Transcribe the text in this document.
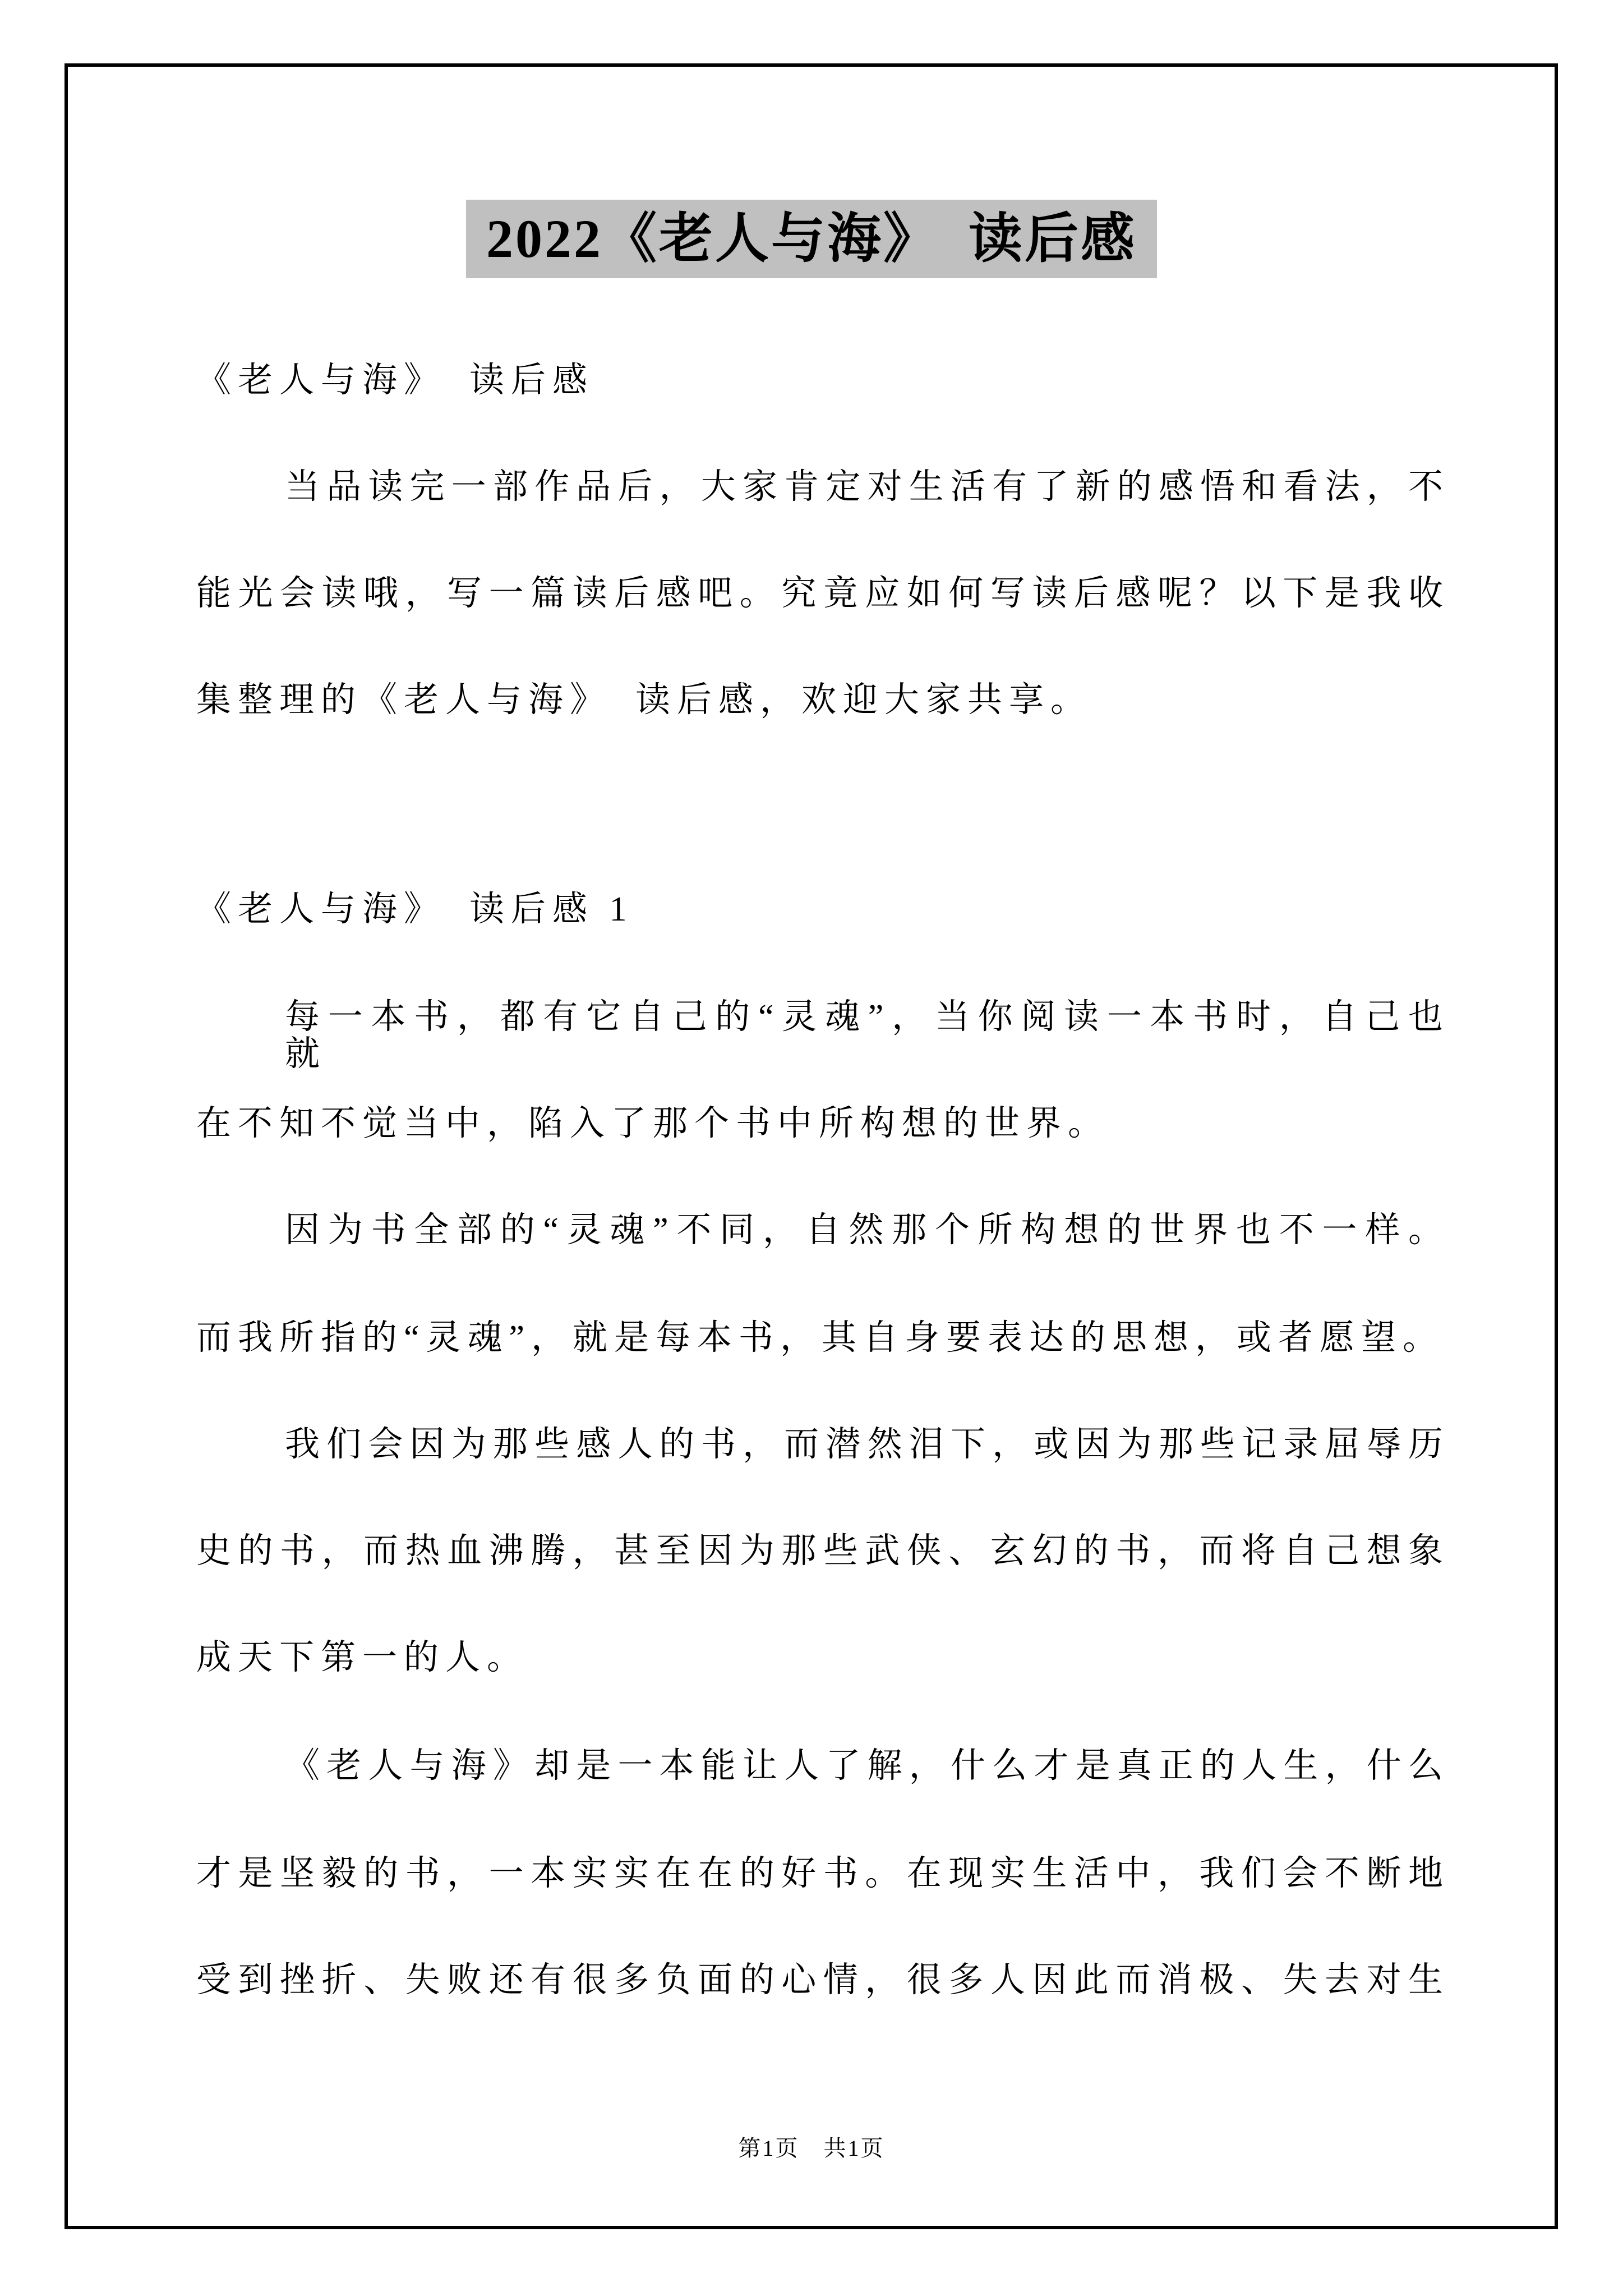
2022《老人与海》　读后感
《老人与海》　读后感
当品读完一部作品后，大家肯定对生活有了新的感悟和看法，不
能光会读哦，写一篇读后感吧。究竟应如何写读后感呢？以下是我收
集整理的《老人与海》　读后感，欢迎大家共享。
《老人与海》　读后感 1
每一本书，都有它自己的“灵魂”，当你阅读一本书时，自己也就
在不知不觉当中，陷入了那个书中所构想的世界。
因为书全部的“灵魂”不同，自然那个所构想的世界也不一样。
而我所指的“灵魂”，就是每本书，其自身要表达的思想，或者愿望。
我们会因为那些感人的书，而潜然泪下，或因为那些记录屈辱历
史的书，而热血沸腾，甚至因为那些武侠、玄幻的书，而将自己想象
成天下第一的人。
《老人与海》却是一本能让人了解，什么才是真正的人生，什么
才是坚毅的书，一本实实在在的好书。在现实生活中，我们会不断地
受到挫折、失败还有很多负面的心情，很多人因此而消极、失去对生
第1页　共1页
